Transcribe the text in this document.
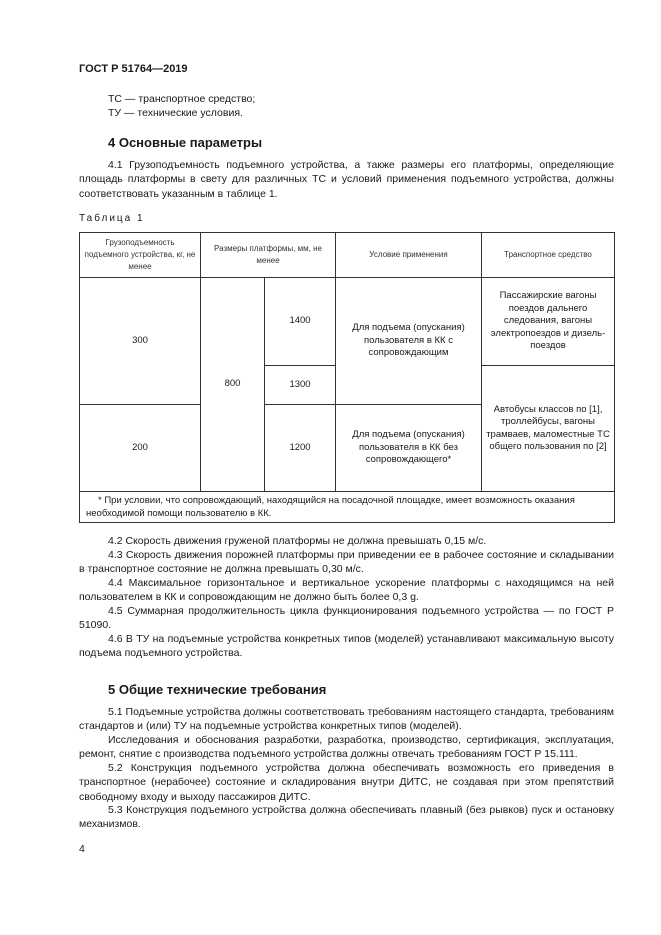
ГОСТ Р 51764—2019
ТС — транспортное средство;
ТУ — технические условия.
4 Основные параметры
4.1 Грузоподъемность подъемного устройства, а также размеры его платформы, определяющие площадь платформы в свету для различных ТС и условий применения подъемного устройства, должны соответствовать указанным в таблице 1.
Таблица 1
Грузоподъемность подъемного устройства, кг, не менее	Размеры платформы, мм, не менее		Условие применения	Транспортное средство
300	800	1400	Для подъема (опускания) пользователя в КК с сопровождающим	Пассажирские вагоны поездов дальнего следования, вагоны электропоездов и дизель-поездов
		1300		Автобусы классов по [1], троллейбусы, вагоны трамваев, маломестные ТС общего пользования по [2]
200		1200	Для подъема (опускания) пользователя в КК без сопровождающего*	
* При условии, что сопровождающий, находящийся на посадочной площадке, имеет возможность оказания необходимой помощи пользователю в КК.				
4.2 Скорость движения груженой платформы не должна превышать 0,15 м/с.
4.3 Скорость движения порожней платформы при приведении ее в рабочее состояние и складывании в транспортное состояние не должна превышать 0,30 м/с.
4.4 Максимальное горизонтальное и вертикальное ускорение платформы с находящимся на ней пользователем в КК и сопровождающим не должно быть более 0,3 g.
4.5 Суммарная продолжительность цикла функционирования подъемного устройства — по ГОСТ Р 51090.
4.6 В ТУ на подъемные устройства конкретных типов (моделей) устанавливают максимальную высоту подъема подъемного устройства.
5 Общие технические требования
5.1 Подъемные устройства должны соответствовать требованиям настоящего стандарта, требованиям стандартов и (или) ТУ на подъемные устройства конкретных типов (моделей).
Исследования и обоснования разработки, разработка, производство, сертификация, эксплуатация, ремонт, снятие с производства подъемного устройства должны отвечать требованиям ГОСТ Р 15.111.
5.2 Конструкция подъемного устройства должна обеспечивать возможность его приведения в транспортное (нерабочее) состояние и складирования внутри ДИТС, не создавая при этом препятствий свободному входу и выходу пассажиров ДИТС.
5.3 Конструкция подъемного устройства должна обеспечивать плавный (без рывков) пуск и остановку механизмов.
4
